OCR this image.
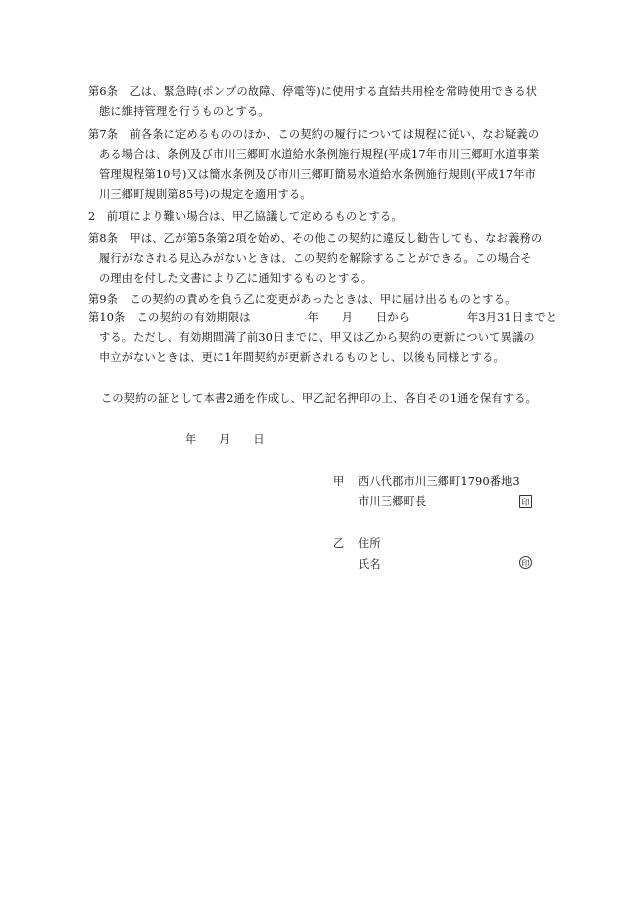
第6条　乙は、緊急時(ポンプの故障、停電等)に使用する直結共用栓を常時使用できる状
態に維持管理を行うものとする。
第7条　前各条に定めるもののほか、この契約の履行については規程に従い、なお疑義の
ある場合は、条例及び市川三郷町水道給水条例施行規程(平成17年市川三郷町水道事業
管理規程第10号)又は簡水条例及び市川三郷町簡易水道給水条例施行規則(平成17年市
川三郷町規則第85号)の規定を適用する。
2　前項により難い場合は、甲乙協議して定めるものとする。
第8条　甲は、乙が第5条第2項を始め、その他この契約に違反し勧告しても、なお義務の
履行がなされる見込みがないときは、この契約を解除することができる。この場合そ
の理由を付した文書により乙に通知するものとする。
第9条　この契約の責めを負う乙に変更があったときは、甲に届け出るものとする。
第10条　この契約の有効期限は　　　　　年　　月　　日から　　　　　年3月31日までと
する。ただし、有効期間満了前30日までに、甲又は乙から契約の更新について異議の
申立がないときは、更に1年間契約が更新されるものとし、以後も同様とする。
この契約の証として本書2通を作成し、甲乙記名押印の上、各自その1通を保有する。
年　　月　　日
甲 西八代郡市川三郷町1790番地3
市川三郷町長	印
乙 住所
氏名	印
